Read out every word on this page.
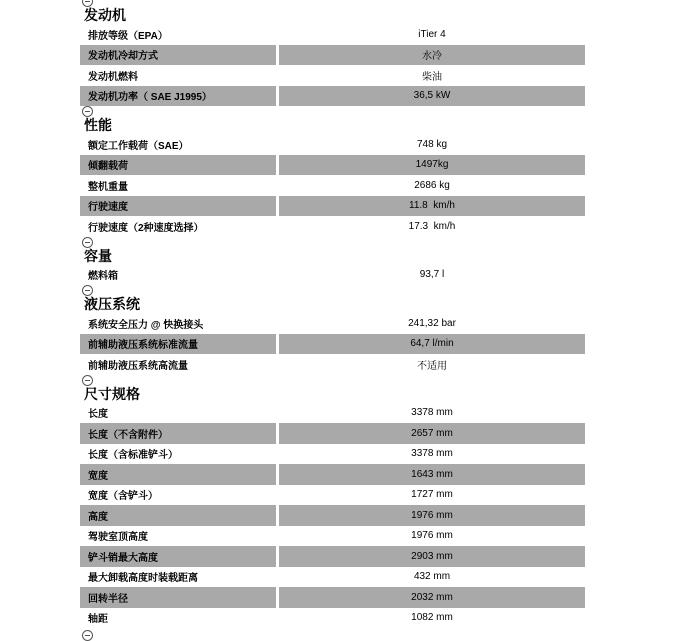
发动机
排放等级（EPA）	iTier 4
发动机冷却方式	水冷
发动机燃料	柴油
发动机功率（ SAE J1995）	36,5 kW
性能
额定工作载荷（SAE）	748 kg
倾翻载荷	1497kg
整机重量	2686 kg
行驶速度	11.8  km/h
行驶速度（2种速度选择）	17.3  km/h
容量
燃料箱	93,7 l
液压系统
系统安全压力 @ 快换接头	241,32 bar
前辅助液压系统标准流量	64,7 l/min
前辅助液压系统高流量	不适用
尺寸规格
长度	3378 mm
长度（不含附件）	2657 mm
长度（含标准铲斗）	3378 mm
宽度	1643 mm
宽度（含铲斗）	1727 mm
高度	1976 mm
驾驶室顶高度	1976 mm
铲斗销最大高度	2903 mm
最大卸载高度时装载距离	432 mm
回转半径	2032 mm
轴距	1082 mm
